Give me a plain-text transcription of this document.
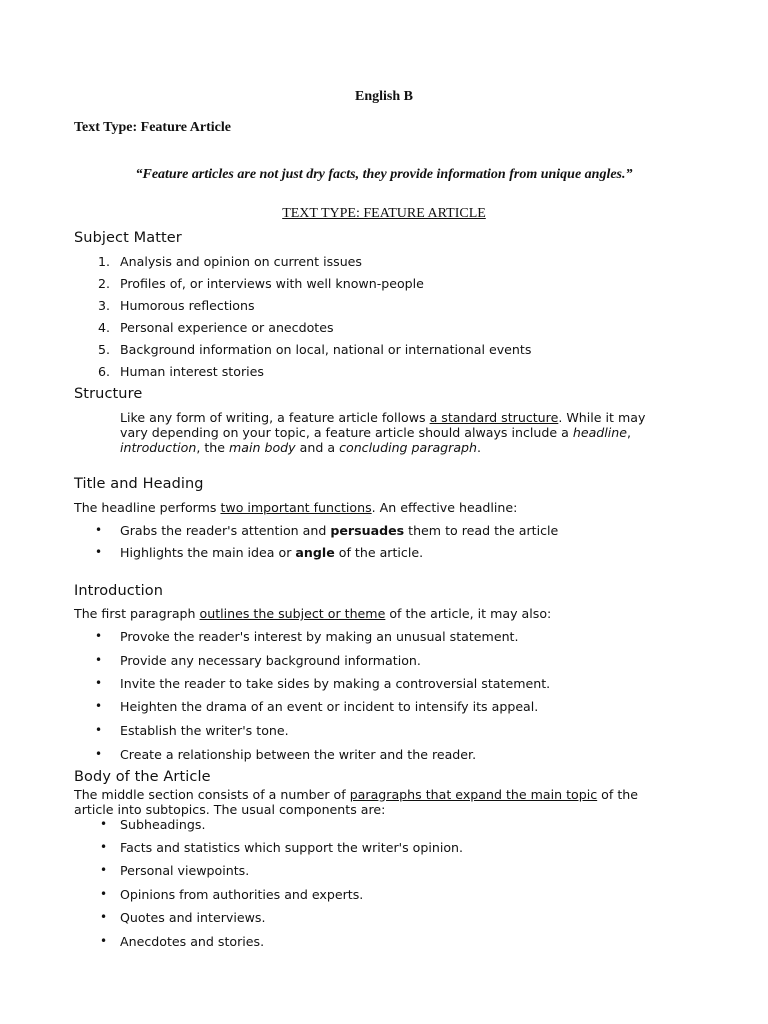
English B
Text Type: Feature Article
“Feature articles are not just dry facts, they provide information from unique angles.”
TEXT TYPE: FEATURE ARTICLE
Subject Matter
1. Analysis and opinion on current issues
2. Profiles of, or interviews with well known-people
3. Humorous reflections
4. Personal experience or anecdotes
5. Background information on local, national or international events
6. Human interest stories
Structure
Like any form of writing, a feature article follows a standard structure. While it may
vary depending on your topic, a feature article should always include a headline,
introduction, the main body and a concluding paragraph.
Title and Heading
The headline performs two important functions. An effective headline:
• Grabs the reader's attention and persuades them to read the article
• Highlights the main idea or angle of the article.
Introduction
The first paragraph outlines the subject or theme of the article, it may also:
• Provoke the reader's interest by making an unusual statement.
• Provide any necessary background information.
• Invite the reader to take sides by making a controversial statement.
• Heighten the drama of an event or incident to intensify its appeal.
• Establish the writer's tone.
• Create a relationship between the writer and the reader.
Body of the Article
The middle section consists of a number of paragraphs that expand the main topic of the
article into subtopics. The usual components are:
• Subheadings.
• Facts and statistics which support the writer's opinion.
• Personal viewpoints.
• Opinions from authorities and experts.
• Quotes and interviews.
• Anecdotes and stories.
